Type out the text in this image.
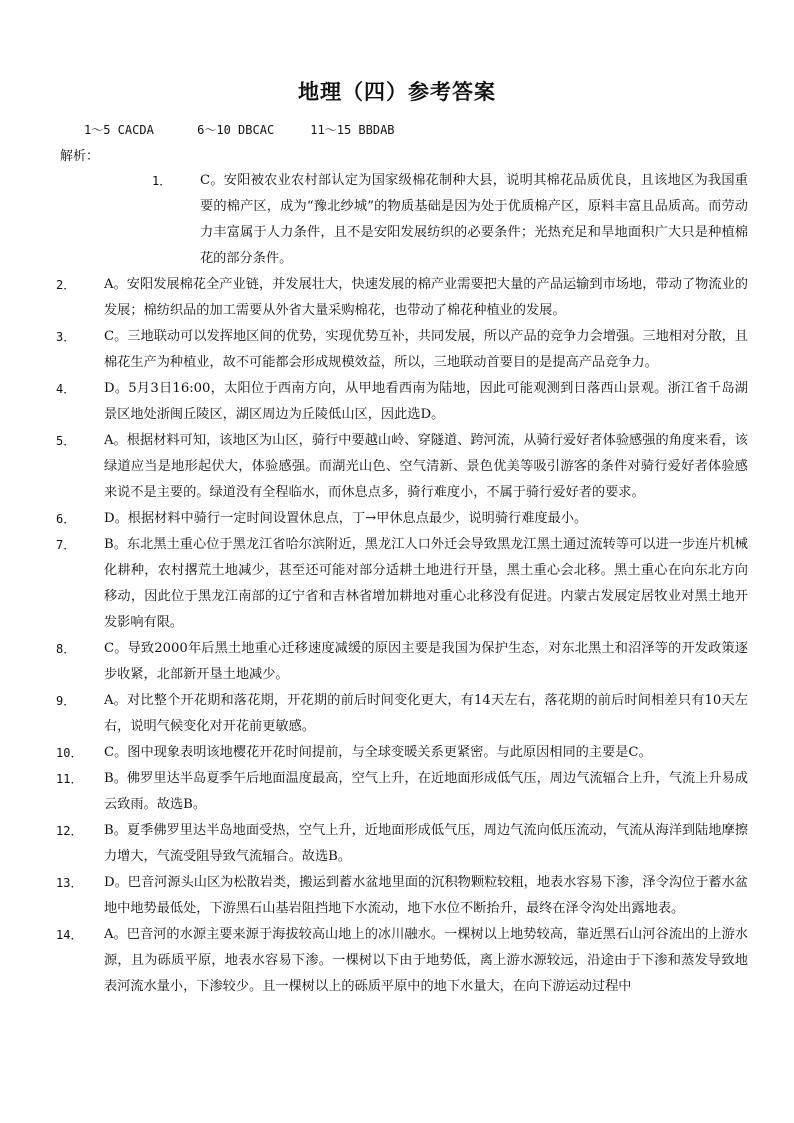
地理（四）参考答案
1～5 CACDA      6～10 DBCAC     11～15 BBDAB
解析：
1． C。安阳被农业农村部认定为国家级棉花制种大县，说明其棉花品质优良，且该地区为我国重要的棉产区，成为“豫北纱城”的物质基础是因为处于优质棉产区，原料丰富且品质高。而劳动力丰富属于人力条件，且不是安阳发展纺织的必要条件；光热充足和旱地面积广大只是种植棉花的部分条件。
2． A。安阳发展棉花全产业链，并发展壮大，快速发展的棉产业需要把大量的产品运输到市场地，带动了物流业的发展；棉纺织品的加工需要从外省大量采购棉花，也带动了棉花种植业的发展。
3． C。三地联动可以发挥地区间的优势，实现优势互补，共同发展，所以产品的竞争力会增强。三地相对分散，且棉花生产为种植业，故不可能都会形成规模效益，所以，三地联动首要目的是提高产品竞争力。
4． D。5月3日16:00，太阳位于西南方向，从甲地看西南为陆地，因此可能观测到日落西山景观。浙江省千岛湖景区地处浙闽丘陵区，湖区周边为丘陵低山区，因此选D。
5． A。根据材料可知，该地区为山区，骑行中要越山岭、穿隧道、跨河流，从骑行爱好者体验感强的角度来看，该绿道应当是地形起伏大，体验感强。而湖光山色、空气清新、景色优美等吸引游客的条件对骑行爱好者体验感来说不是主要的。绿道没有全程临水，而休息点多，骑行难度小，不属于骑行爱好者的要求。
6． D。根据材料中骑行一定时间设置休息点，丁→甲休息点最少，说明骑行难度最小。
7． B。东北黑土重心位于黑龙江省哈尔滨附近，黑龙江人口外迁会导致黑龙江黑土通过流转等可以进一步连片机械化耕种，农村撂荒土地减少，甚至还可能对部分适耕土地进行开垦，黑土重心会北移。黑土重心在向东北方向移动，因此位于黑龙江南部的辽宁省和吉林省增加耕地对重心北移没有促进。内蒙古发展定居牧业对黑土地开发影响有限。
8． C。导致2000年后黑土地重心迁移速度减缓的原因主要是我国为保护生态，对东北黑土和沼泽等的开发政策逐步收紧，北部新开垦土地减少。
9． A。对比整个开花期和落花期，开花期的前后时间变化更大，有14天左右，落花期的前后时间相差只有10天左右，说明气候变化对开花前更敏感。
10． C。图中现象表明该地樱花开花时间提前，与全球变暖关系更紧密。与此原因相同的主要是C。
11． B。佛罗里达半岛夏季午后地面温度最高，空气上升，在近地面形成低气压，周边气流辐合上升，气流上升易成云致雨。故选B。
12． B。夏季佛罗里达半岛地面受热，空气上升，近地面形成低气压，周边气流向低压流动，气流从海洋到陆地摩擦力增大，气流受阻导致气流辐合。故选B。
13． D。巴音河源头山区为松散岩类，搬运到蓄水盆地里面的沉积物颗粒较粗，地表水容易下渗，泽令沟位于蓄水盆地中地势最低处，下游黑石山基岩阻挡地下水流动，地下水位不断抬升，最终在泽令沟处出露地表。
14． A。巴音河的水源主要来源于海拔较高山地上的冰川融水。一棵树以上地势较高，靠近黑石山河谷流出的上游水源，且为砾质平原，地表水容易下渗。一棵树以下由于地势低，离上游水源较远，沿途由于下渗和蒸发导致地表河流水量小，下渗较少。且一棵树以上的砾质平原中的地下水量大，在向下游运动过程中
